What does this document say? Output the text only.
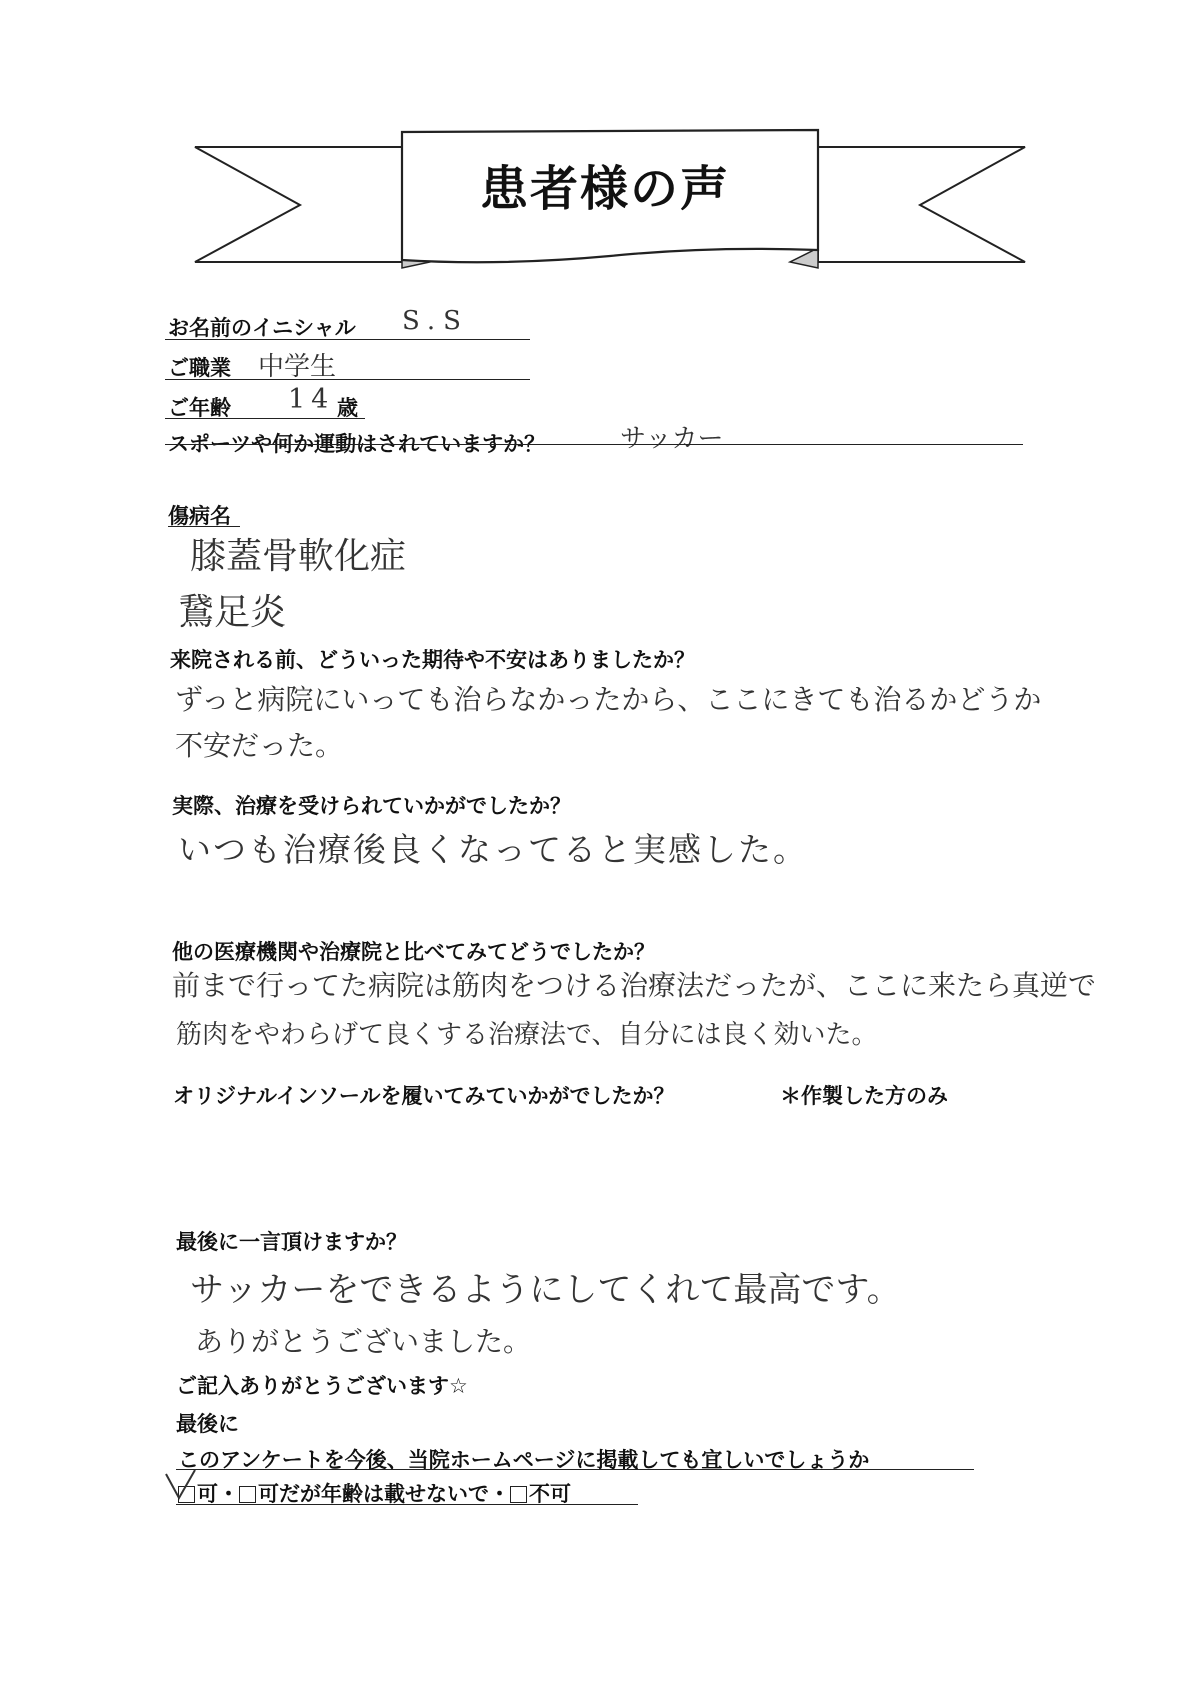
患者様の声
お名前のイニシャル S.S
ご職業 中学生
ご年齢 14 歳
スポーツや何か運動はされていますか？	サッカー
傷病名
膝蓋骨軟化症
鵞足炎
来院される前、どういった期待や不安はありましたか？
ずっと病院にいっても治らなかったから、ここにきても治るかどうか
不安だった。
実際、治療を受けられていかがでしたか？
いつも治療後良くなってると実感した。
他の医療機関や治療院と比べてみてどうでしたか？
前まで行ってた病院は筋肉をつける治療法だったが、ここに来たら真逆で
筋肉をやわらげて良くする治療法で、自分には良く効いた。
オリジナルインソールを履いてみていかがでしたか？	＊作製した方のみ
最後に一言頂けますか？
サッカーをできるようにしてくれて最高です。
ありがとうございました。
ご記入ありがとうございます☆
最後に
このアンケートを今後、当院ホームページに掲載しても宜しいでしょうか
可・ 可だが年齢は載せないで・ 不可
